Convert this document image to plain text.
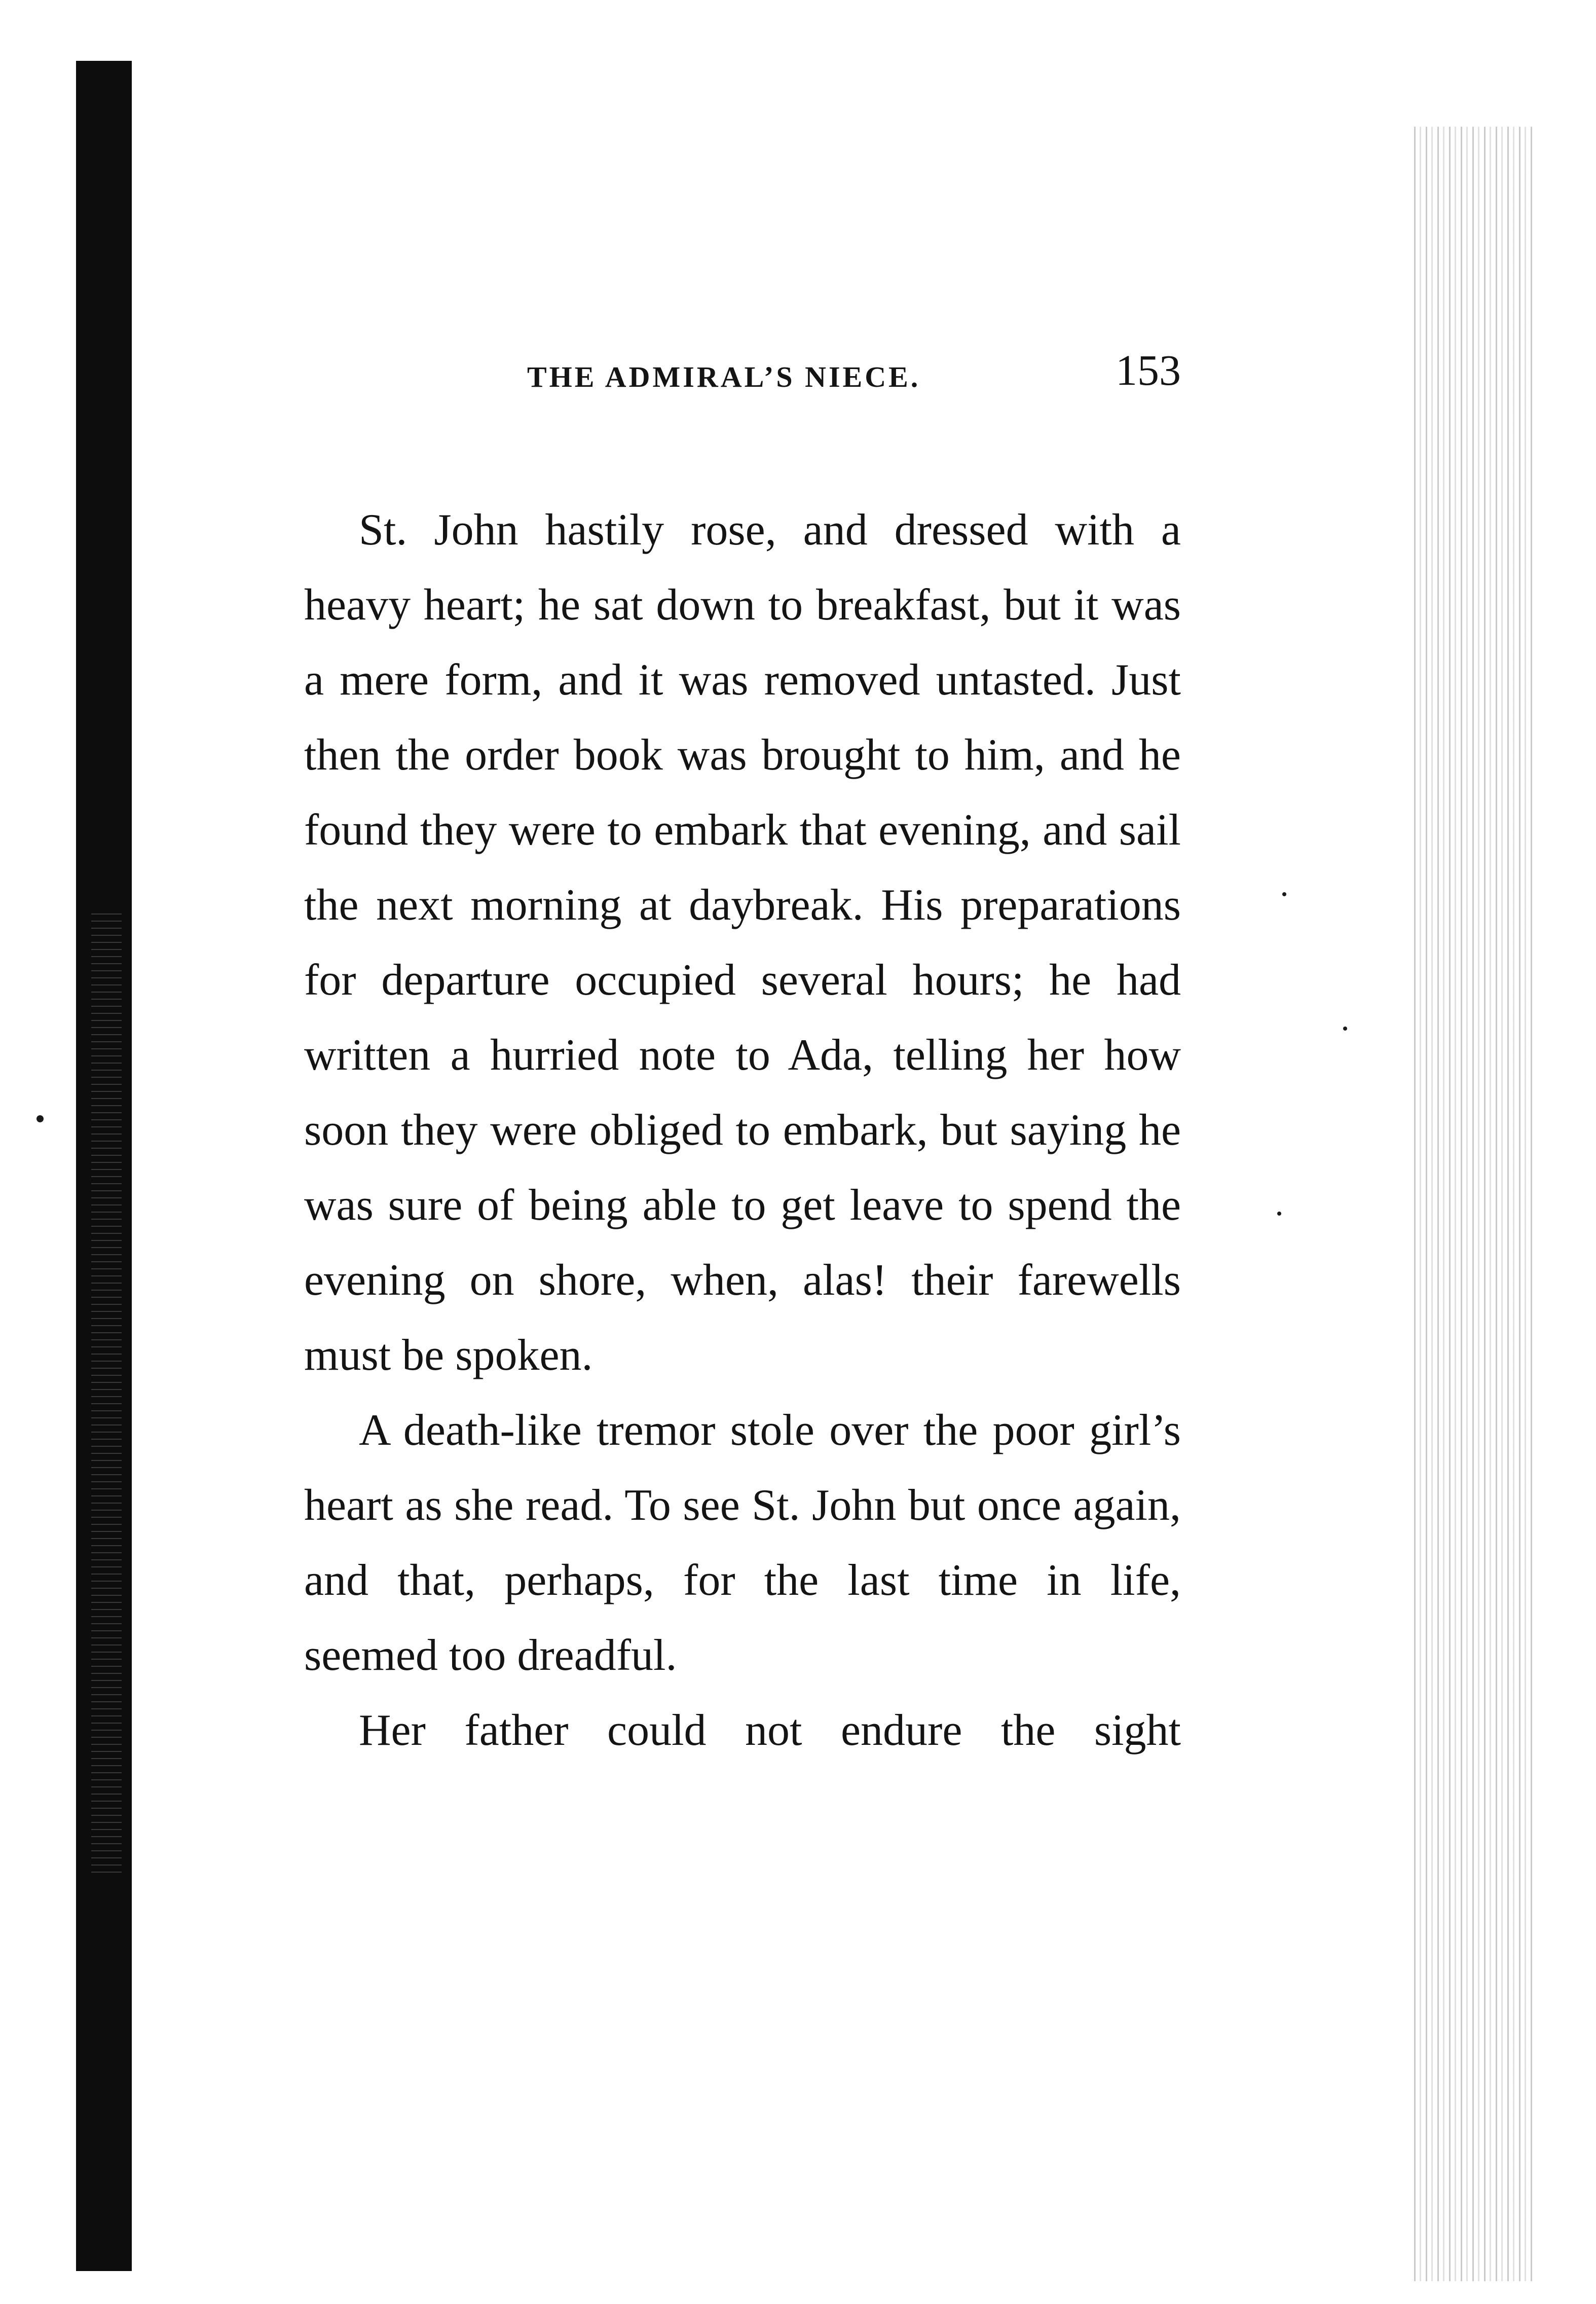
THE ADMIRAL’S NIECE.	153

St. John hastily rose, and dressed with a heavy heart; he sat down to breakfast, but it was a mere form, and it was removed untasted. Just then the order book was brought to him, and he found they were to embark that evening, and sail the next morning at daybreak. His preparations for departure occupied several hours; he had written a hurried note to Ada, telling her how soon they were obliged to embark, but saying he was sure of being able to get leave to spend the evening on shore, when, alas! their farewells must be spoken.

A death-like tremor stole over the poor girl’s heart as she read. To see St. John but once again, and that, perhaps, for the last time in life, seemed too dreadful.

Her father could not endure the sight
